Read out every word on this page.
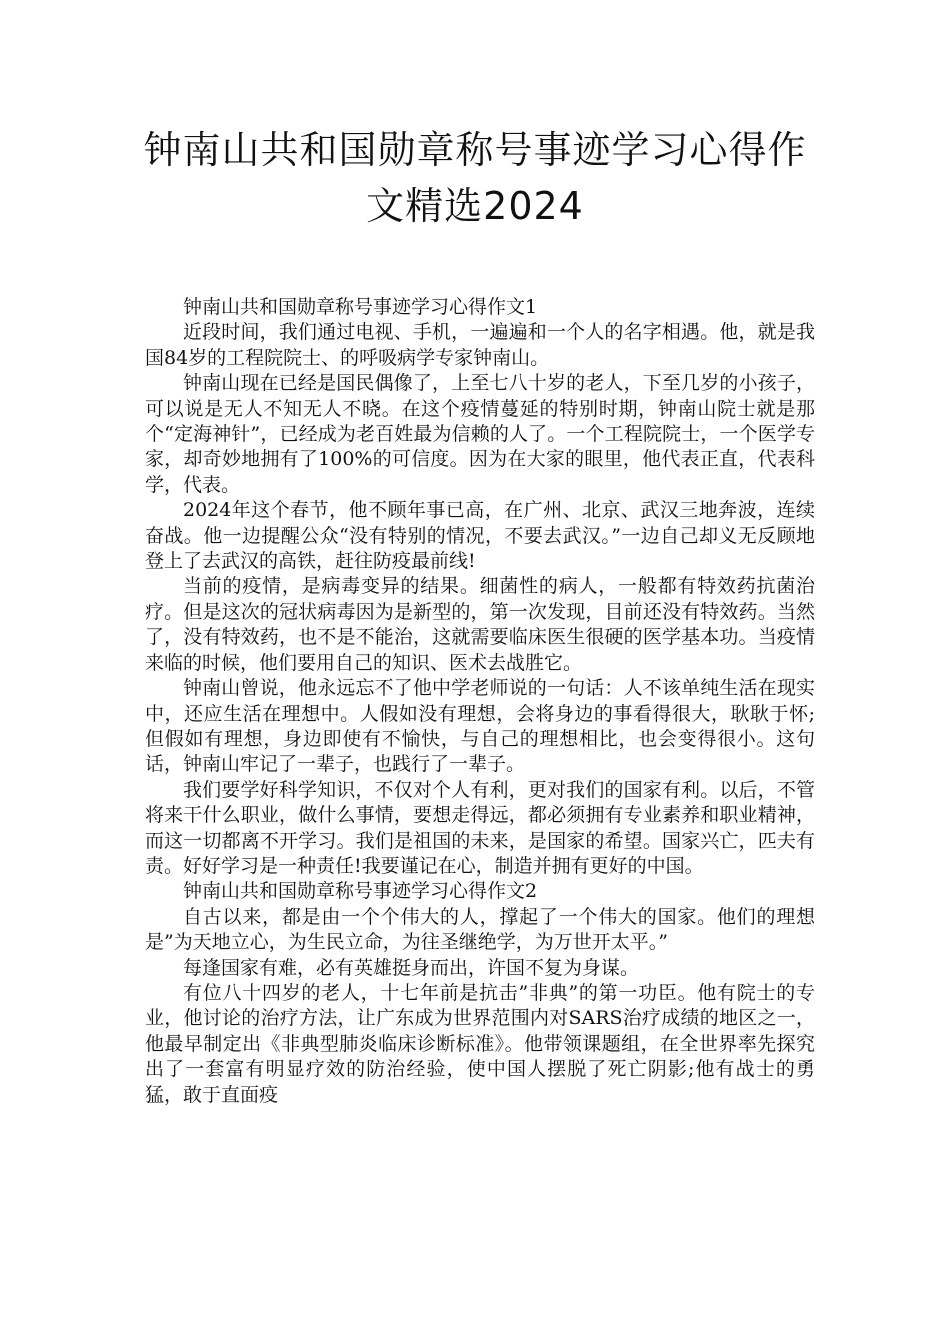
钟南山共和国勋章称号事迹学习心得作
文精选2024

钟南山共和国勋章称号事迹学习心得作文1

近段时间，我们通过电视、手机，一遍遍和一个人的名字相遇。他，就是我国84岁的工程院院士、的呼吸病学专家钟南山。

钟南山现在已经是国民偶像了，上至七八十岁的老人，下至几岁的小孩子，可以说是无人不知无人不晓。在这个疫情蔓延的特别时期，钟南山院士就是那个“定海神针”，已经成为老百姓最为信赖的人了。一个工程院院士，一个医学专家，却奇妙地拥有了100%的可信度。因为在大家的眼里，他代表正直，代表科学，代表。

2024年这个春节，他不顾年事已高，在广州、北京、武汉三地奔波，连续奋战。他一边提醒公众“没有特别的情况，不要去武汉。”一边自己却义无反顾地登上了去武汉的高铁，赶往防疫最前线!

当前的疫情，是病毒变异的结果。细菌性的病人，一般都有特效药抗菌治疗。但是这次的冠状病毒因为是新型的，第一次发现，目前还没有特效药。当然了，没有特效药，也不是不能治，这就需要临床医生很硬的医学基本功。当疫情来临的时候，他们要用自己的知识、医术去战胜它。

钟南山曾说，他永远忘不了他中学老师说的一句话：人不该单纯生活在现实中，还应生活在理想中。人假如没有理想，会将身边的事看得很大，耿耿于怀;但假如有理想，身边即使有不愉快，与自己的理想相比，也会变得很小。这句话，钟南山牢记了一辈子，也践行了一辈子。

我们要学好科学知识，不仅对个人有利，更对我们的国家有利。以后，不管将来干什么职业，做什么事情，要想走得远，都必须拥有专业素养和职业精神，而这一切都离不开学习。我们是祖国的未来，是国家的希望。国家兴亡，匹夫有责。好好学习是一种责任!我要谨记在心，制造并拥有更好的中国。

钟南山共和国勋章称号事迹学习心得作文2

自古以来，都是由一个个伟大的人，撑起了一个伟大的国家。他们的理想是”为天地立心，为生民立命，为往圣继绝学，为万世开太平。”

每逢国家有难，必有英雄挺身而出，许国不复为身谋。

有位八十四岁的老人，十七年前是抗击”非典”的第一功臣。他有院士的专业，他讨论的治疗方法，让广东成为世界范围内对SARS治疗成绩的地区之一，他最早制定出《非典型肺炎临床诊断标准》。他带领课题组，在全世界率先探究出了一套富有明显疗效的防治经验，使中国人摆脱了死亡阴影;他有战士的勇猛，敢于直面疫
